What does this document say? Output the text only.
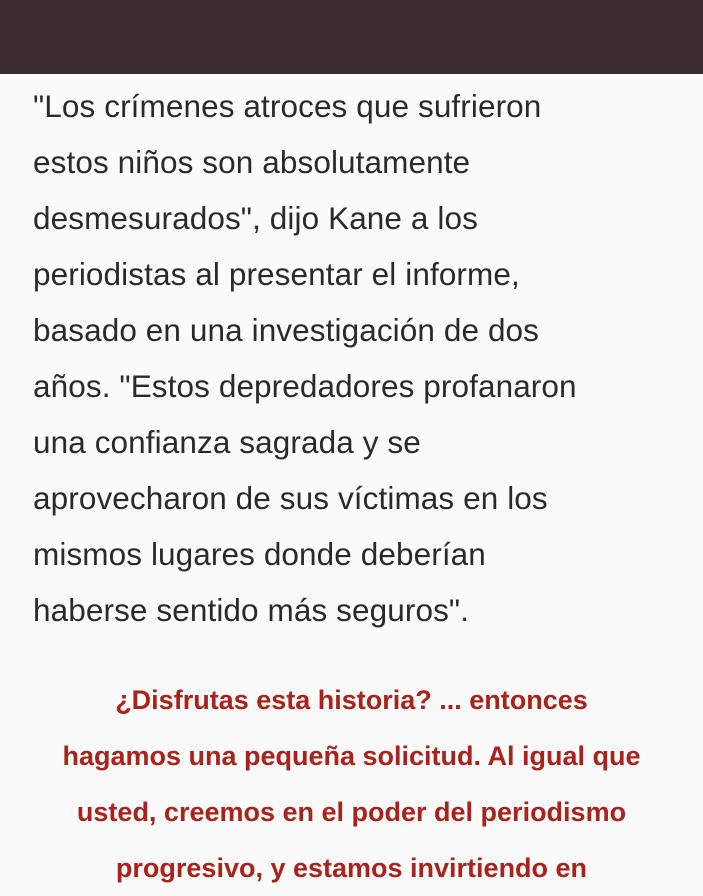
"Los crímenes atroces que sufrieron
estos niños son absolutamente
desmesurados", dijo Kane a los
periodistas al presentar el informe,
basado en una investigación de dos
años. "Estos depredadores profanaron
una confianza sagrada y se
aprovecharon de sus víctimas en los
mismos lugares donde deberían
haberse sentido más seguros".

¿Disfrutas esta historia? ... entonces
hagamos una pequeña solicitud. Al igual que
usted, creemos en el poder del periodismo
progresivo, y estamos invirtiendo en
